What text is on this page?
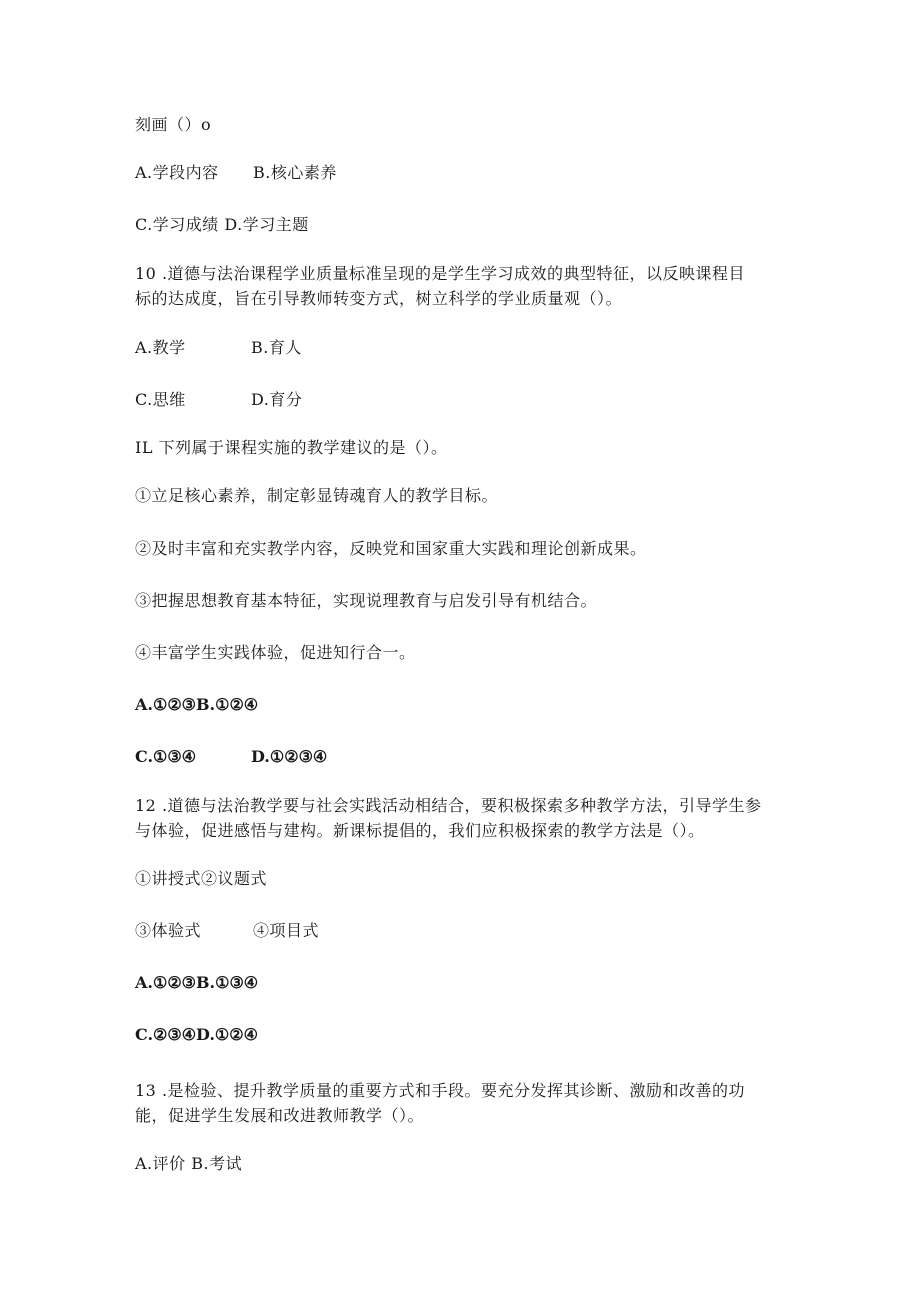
刻画（）o
A.学段内容 B.核心素养
C.学习成绩 D.学习主题
10 .道德与法治课程学业质量标准呈现的是学生学习成效的典型特征，以反映课程目
标的达成度，旨在引导教师转变方式，树立科学的学业质量观（）。
A.教学	B.育人
C.思维	D.育分
IL 下列属于课程实施的教学建议的是（）。
①立足核心素养，制定彰显铸魂育人的教学目标。
②及时丰富和充实教学内容，反映党和国家重大实践和理论创新成果。
③把握思想教育基本特征，实现说理教育与启发引导有机结合。
④丰富学生实践体验，促进知行合一。
A.①②③B.①②④
C.①③④	D.①②③④
12 .道德与法治教学要与社会实践活动相结合，要积极探索多种教学方法，引导学生参
与体验，促进感悟与建构。新课标提倡的，我们应积极探索的教学方法是（）。
①讲授式②议题式
③体验式	④项目式
A.①②③B.①③④
C.②③④D.①②④
13 .是检验、提升教学质量的重要方式和手段。要充分发挥其诊断、激励和改善的功
能，促进学生发展和改进教师教学（）。
A.评价 B.考试
